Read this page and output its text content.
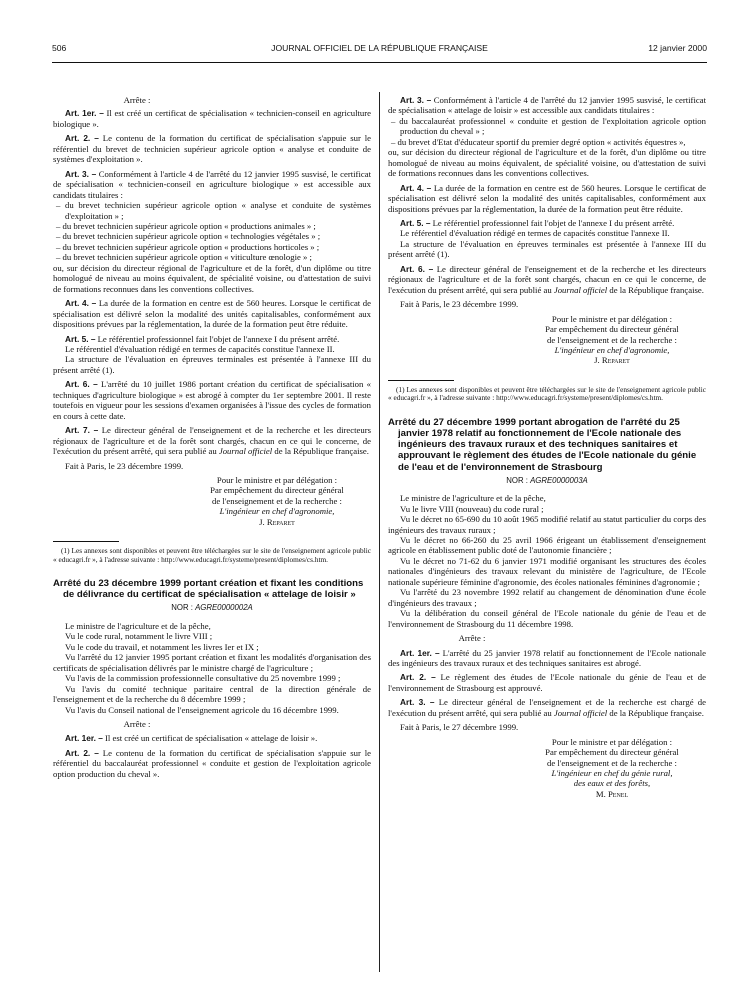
506	JOURNAL OFFICIEL DE LA RÉPUBLIQUE FRANÇAISE	12 janvier 2000

Arrête :

Art. 1er. – Il est créé un certificat de spécialisation « technicien-conseil en agriculture biologique ».

Art. 2. – Le contenu de la formation du certificat de spécialisation s'appuie sur le référentiel du brevet de technicien supérieur agricole option « analyse et conduite de systèmes d'exploitation ».

Art. 3. – Conformément à l'article 4 de l'arrêté du 12 janvier 1995 susvisé, le certificat de spécialisation « technicien-conseil en agriculture biologique » est accessible aux candidats titulaires :

– du brevet technicien supérieur agricole option « analyse et conduite de systèmes d'exploitation » ;

– du brevet technicien supérieur agricole option « productions animales » ;

– du brevet technicien supérieur agricole option « technologies végétales » ;

– du brevet technicien supérieur agricole option « productions horticoles » ;

– du brevet technicien supérieur agricole option « viticulture œnologie » ;

ou, sur décision du directeur régional de l'agriculture et de la forêt, d'un diplôme ou titre homologué de niveau au moins équivalent, de spécialité voisine, ou d'attestation de suivi de formations reconnues dans les conventions collectives.

Art. 4. – La durée de la formation en centre est de 560 heures. Lorsque le certificat de spécialisation est délivré selon la modalité des unités capitalisables, conformément aux dispositions prévues par la réglementation, la durée de la formation peut être réduite.

Art. 5. – Le référentiel professionnel fait l'objet de l'annexe I du présent arrêté.

Le référentiel d'évaluation rédigé en termes de capacités constitue l'annexe II.

La structure de l'évaluation en épreuves terminales est présentée à l'annexe III du présent arrêté (1).

Art. 6. – L'arrêté du 10 juillet 1986 portant création du certificat de spécialisation « techniques d'agriculture biologique » est abrogé à compter du 1er septembre 2001. Il reste toutefois en vigueur pour les sessions d'examen organisées à l'issue des cycles de formation en cours à cette date.

Art. 7. – Le directeur général de l'enseignement et de la recherche et les directeurs régionaux de l'agriculture et de la forêt sont chargés, chacun en ce qui le concerne, de l'exécution du présent arrêté, qui sera publié au Journal officiel de la République française.

Fait à Paris, le 23 décembre 1999.

Pour le ministre et par délégation :

Par empêchement du directeur général

de l'enseignement et de la recherche :

L'ingénieur en chef d'agronomie,

J. Reparet

(1) Les annexes sont disponibles et peuvent être téléchargées sur le site de l'enseignement agricole public « educagri.fr », à l'adresse suivante : http://www.educagri.fr/systeme/present/diplomes/cs.htm.

Arrêté du 23 décembre 1999 portant création et fixant les conditions de délivrance du certificat de spécialisation « attelage de loisir »

NOR : AGRE0000002A

Le ministre de l'agriculture et de la pêche,

Vu le code rural, notamment le livre VIII ;

Vu le code du travail, et notamment les livres Ier et IX ;

Vu l'arrêté du 12 janvier 1995 portant création et fixant les modalités d'organisation des certificats de spécialisation délivrés par le ministre chargé de l'agriculture ;

Vu l'avis de la commission professionnelle consultative du 25 novembre 1999 ;

Vu l'avis du comité technique paritaire central de la direction générale de l'enseignement et de la recherche du 8 décembre 1999 ;

Vu l'avis du Conseil national de l'enseignement agricole du 16 décembre 1999.

Arrête :

Art. 1er. – Il est créé un certificat de spécialisation « attelage de loisir ».

Art. 2. – Le contenu de la formation du certificat de spécialisation s'appuie sur le référentiel du baccalauréat professionnel « conduite et gestion de l'exploitation agricole option production du cheval ».

Art. 3. – Conformément à l'article 4 de l'arrêté du 12 janvier 1995 susvisé, le certificat de spécialisation « attelage de loisir » est accessible aux candidats titulaires :

– du baccalauréat professionnel « conduite et gestion de l'exploitation agricole option production du cheval » ;

– du brevet d'Etat d'éducateur sportif du premier degré option « activités équestres »,

ou, sur décision du directeur régional de l'agriculture et de la forêt, d'un diplôme ou titre homologué de niveau au moins équivalent, de spécialité voisine, ou d'attestation de suivi de formations reconnues dans les conventions collectives.

Art. 4. – La durée de la formation en centre est de 560 heures. Lorsque le certificat de spécialisation est délivré selon la modalité des unités capitalisables, conformément aux dispositions prévues par la réglementation, la durée de la formation peut être réduite.

Art. 5. – Le référentiel professionnel fait l'objet de l'annexe I du présent arrêté.

Le référentiel d'évaluation rédigé en termes de capacités constitue l'annexe II.

La structure de l'évaluation en épreuves terminales est présentée à l'annexe III du présent arrêté (1).

Art. 6. – Le directeur général de l'enseignement et de la recherche et les directeurs régionaux de l'agriculture et de la forêt sont chargés, chacun en ce qui le concerne, de l'exécution du présent arrêté, qui sera publié au Journal officiel de la République française.

Fait à Paris, le 23 décembre 1999.

Pour le ministre et par délégation :

Par empêchement du directeur général

de l'enseignement et de la recherche :

L'ingénieur en chef d'agronomie,

J. Reparet

(1) Les annexes sont disponibles et peuvent être téléchargées sur le site de l'enseignement agricole public « educagri.fr », à l'adresse suivante : http://www.educagri.fr/systeme/present/diplomes/cs.htm.

Arrêté du 27 décembre 1999 portant abrogation de l'arrêté du 25 janvier 1978 relatif au fonctionnement de l'Ecole nationale des ingénieurs des travaux ruraux et des techniques sanitaires et approuvant le règlement des études de l'Ecole nationale du génie de l'eau et de l'environnement de Strasbourg

NOR : AGRE0000003A

Le ministre de l'agriculture et de la pêche,

Vu le livre VIII (nouveau) du code rural ;

Vu le décret no 65-690 du 10 août 1965 modifié relatif au statut particulier du corps des ingénieurs des travaux ruraux ;

Vu le décret no 66-260 du 25 avril 1966 érigeant un établissement d'enseignement agricole en établissement public doté de l'autonomie financière ;

Vu le décret no 71-62 du 6 janvier 1971 modifié organisant les structures des écoles nationales d'ingénieurs des travaux relevant du ministère de l'agriculture, de l'Ecole nationale supérieure féminine d'agronomie, des écoles nationales féminines d'agronomie ;

Vu l'arrêté du 23 novembre 1992 relatif au changement de dénomination d'une école d'ingénieurs des travaux ;

Vu la délibération du conseil général de l'Ecole nationale du génie de l'eau et de l'environnement de Strasbourg du 11 décembre 1998.

Arrête :

Art. 1er. – L'arrêté du 25 janvier 1978 relatif au fonctionnement de l'Ecole nationale des ingénieurs des travaux ruraux et des techniques sanitaires est abrogé.

Art. 2. – Le règlement des études de l'Ecole nationale du génie de l'eau et de l'environnement de Strasbourg est approuvé.

Art. 3. – Le directeur général de l'enseignement et de la recherche est chargé de l'exécution du présent arrêté, qui sera publié au Journal officiel de la République française.

Fait à Paris, le 27 décembre 1999.

Pour le ministre et par délégation :

Par empêchement du directeur général

de l'enseignement et de la recherche :

L'ingénieur en chef du génie rural,

des eaux et des forêts,

M. Penel
